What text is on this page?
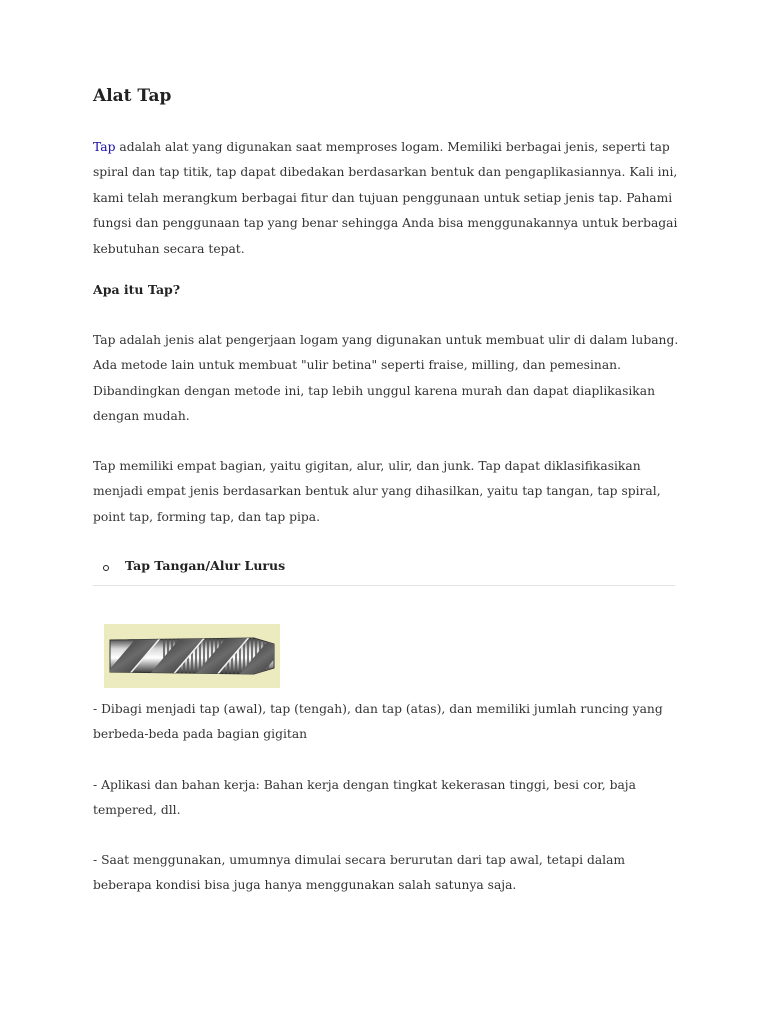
Alat Tap

Tap adalah alat yang digunakan saat memproses logam. Memiliki berbagai jenis, seperti tap spiral dan tap titik, tap dapat dibedakan berdasarkan bentuk dan pengaplikasiannya. Kali ini, kami telah merangkum berbagai fitur dan tujuan penggunaan untuk setiap jenis tap. Pahami fungsi dan penggunaan tap yang benar sehingga Anda bisa menggunakannya untuk berbagai kebutuhan secara tepat.

Apa itu Tap?

Tap adalah jenis alat pengerjaan logam yang digunakan untuk membuat ulir di dalam lubang. Ada metode lain untuk membuat "ulir betina" seperti fraise, milling, dan pemesinan. Dibandingkan dengan metode ini, tap lebih unggul karena murah dan dapat diaplikasikan dengan mudah.

Tap memiliki empat bagian, yaitu gigitan, alur, ulir, dan junk. Tap dapat diklasifikasikan menjadi empat jenis berdasarkan bentuk alur yang dihasilkan, yaitu tap tangan, tap spiral, point tap, forming tap, dan tap pipa.

Tap Tangan/Alur Lurus

- Dibagi menjadi tap (awal), tap (tengah), dan tap (atas), dan memiliki jumlah runcing yang berbeda-beda pada bagian gigitan

- Aplikasi dan bahan kerja: Bahan kerja dengan tingkat kekerasan tinggi, besi cor, baja tempered, dll.

- Saat menggunakan, umumnya dimulai secara berurutan dari tap awal, tetapi dalam beberapa kondisi bisa juga hanya menggunakan salah satunya saja.
